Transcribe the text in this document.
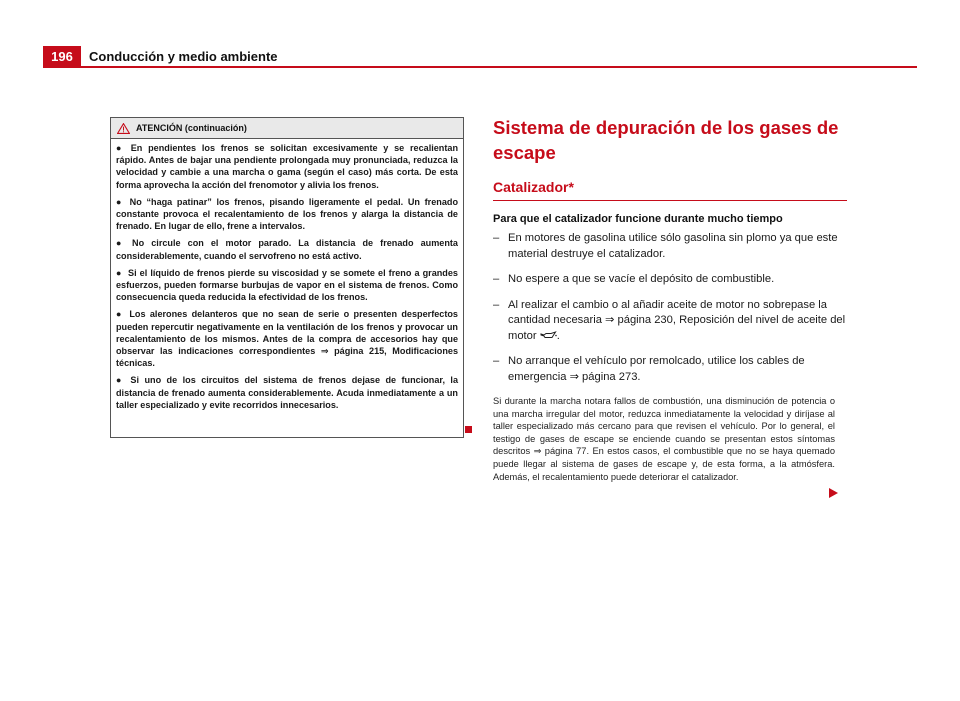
196	Conducción y medio ambiente
ATENCIÓN (continuación)

● En pendientes los frenos se solicitan excesivamente y se recalientan rápido. Antes de bajar una pendiente prolongada muy pronunciada, reduzca la velocidad y cambie a una marcha o gama (según el caso) más corta. De esta forma aprovecha la acción del frenomotor y alivia los frenos.

● No “haga patinar” los frenos, pisando ligeramente el pedal. Un frenado constante provoca el recalentamiento de los frenos y alarga la distancia de frenado. En lugar de ello, frene a intervalos.

● No circule con el motor parado. La distancia de frenado aumenta considerablemente, cuando el servofreno no está activo.

● Si el líquido de frenos pierde su viscosidad y se somete el freno a grandes esfuerzos, pueden formarse burbujas de vapor en el sistema de frenos. Como consecuencia queda reducida la efectividad de los frenos.

● Los alerones delanteros que no sean de serie o presenten desperfectos pueden repercutir negativamente en la ventilación de los frenos y provocar un recalentamiento de los mismos. Antes de la compra de accesorios hay que observar las indicaciones correspondientes ⇒ página 215, Modificaciones técnicas.

● Si uno de los circuitos del sistema de frenos dejase de funcionar, la distancia de frenado aumenta considerablemente. Acuda inmediatamente a un taller especializado y evite recorridos innecesarios.

Sistema de depuración de los gases de escape
Catalizador*
Para que el catalizador funcione durante mucho tiempo
– En motores de gasolina utilice sólo gasolina sin plomo ya que este material destruye el catalizador.
– No espere a que se vacíe el depósito de combustible.
– Al realizar el cambio o al añadir aceite de motor no sobrepase la cantidad necesaria ⇒ página 230, Reposición del nivel de aceite del motor .
– No arranque el vehículo por remolcado, utilice los cables de emergencia ⇒ página 273.
Si durante la marcha notara fallos de combustión, una disminución de potencia o una marcha irregular del motor, reduzca inmediatamente la velocidad y diríjase al taller especializado más cercano para que revisen el vehículo. Por lo general, el testigo de gases de escape se enciende cuando se presentan estos síntomas descritos ⇒ página 77. En estos casos, el combustible que no se haya quemado puede llegar al sistema de gases de escape y, de esta forma, a la atmósfera. Además, el recalentamiento puede deteriorar el catalizador.
